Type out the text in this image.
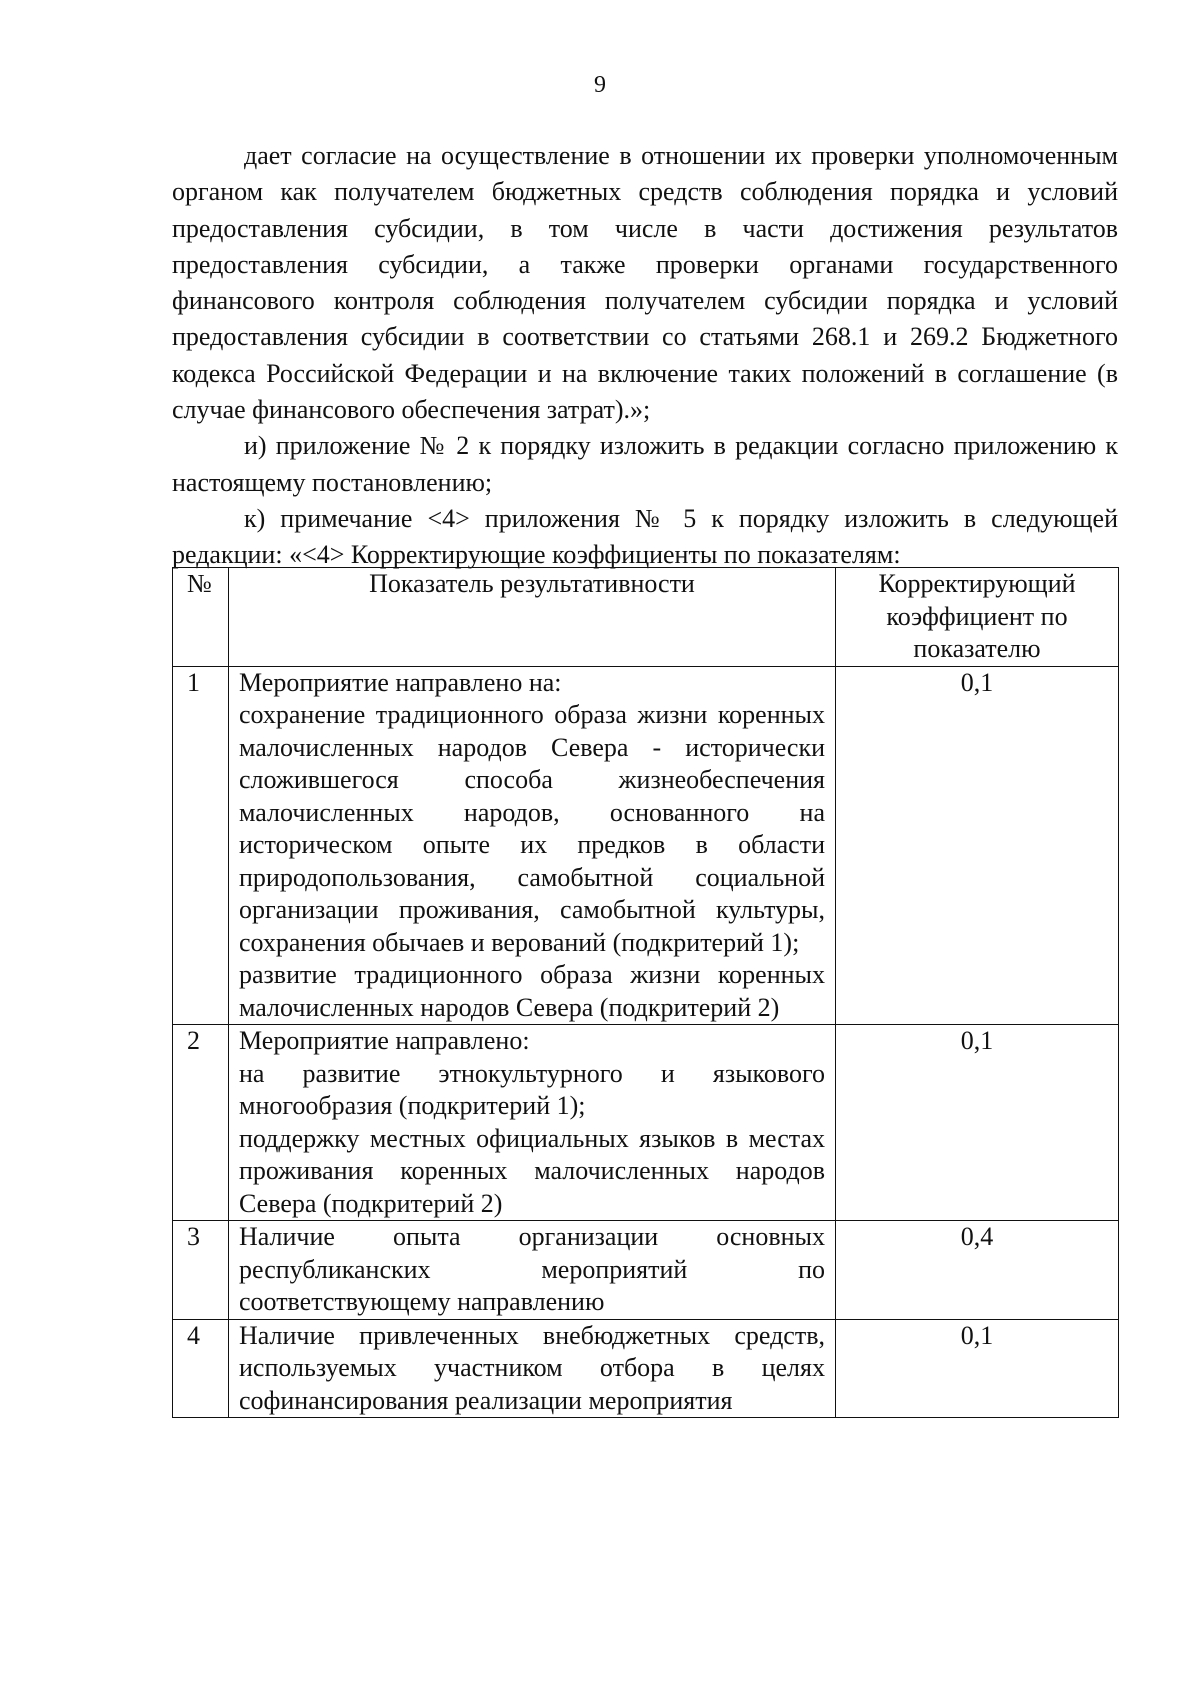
9

дает согласие на осуществление в отношении их проверки уполномоченным органом как получателем бюджетных средств соблюдения порядка и условий предоставления субсидии, в том числе в части достижения результатов предоставления субсидии, а также проверки органами государственного финансового контроля соблюдения получателем субсидии порядка и условий предоставления субсидии в соответствии со статьями 268.1 и 269.2 Бюджетного кодекса Российской Федерации и на включение таких положений в соглашение (в случае финансового обеспечения затрат).»;

и) приложение № 2 к порядку изложить в редакции согласно приложению к настоящему постановлению;

к) примечание <4> приложения № 5 к порядку изложить в следующей редакции: «<4> Корректирующие коэффициенты по показателям:

№	Показатель результативности	Корректирующий коэффициент по показателю
1	Мероприятие направлено на:
сохранение традиционного образа жизни коренных малочисленных народов Севера - исторически сложившегося способа жизнеобеспечения малочисленных народов, основанного на историческом опыте их предков в области природопользования, самобытной социальной организации проживания, самобытной культуры, сохранения обычаев и верований (подкритерий 1);
развитие традиционного образа жизни коренных малочисленных народов Севера (подкритерий 2)	0,1
2	Мероприятие направлено:
на развитие этнокультурного и языкового многообразия (подкритерий 1);
поддержку местных официальных языков в местах проживания коренных малочисленных народов Севера (подкритерий 2)	0,1
3	Наличие опыта организации основных республиканских мероприятий по соответствующему направлению	0,4
4	Наличие привлеченных внебюджетных средств, используемых участником отбора в целях софинансирования реализации мероприятия	0,1
